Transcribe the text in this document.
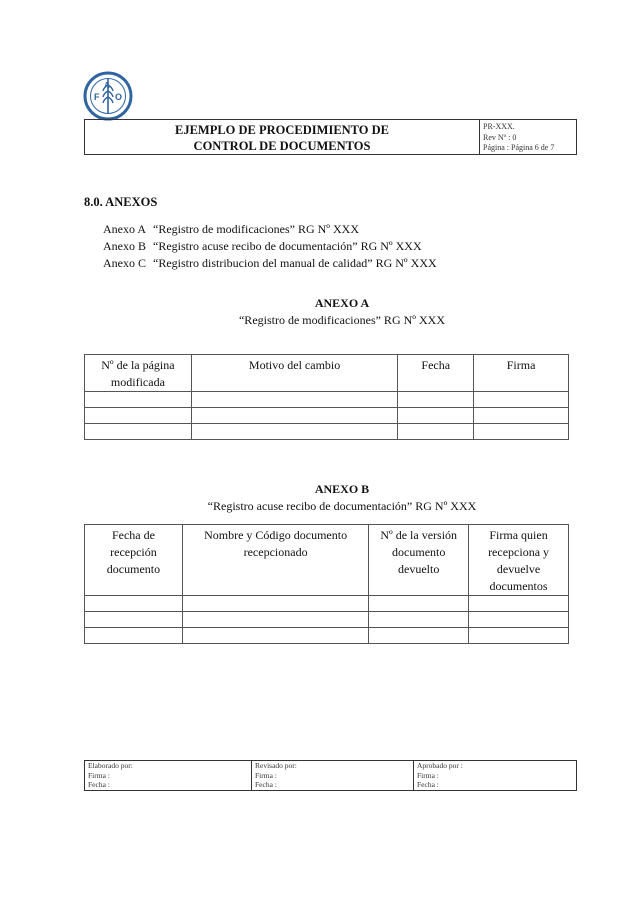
F O
A
EJEMPLO DE PROCEDIMIENTO DE
CONTROL DE DOCUMENTOS
PR-XXX.
Rev Nº : 0
Página : Página 6 de 7
8.0. ANEXOS
Anexo A “Registro de modificaciones” RG Nº XXX
Anexo B “Registro acuse recibo de documentación” RG Nº XXX
Anexo C “Registro distribucion del manual de calidad” RG Nº XXX
ANEXO A
“Registro de modificaciones” RG Nº XXX
Nº de la página modificada	Motivo del cambio	Fecha	Firma

ANEXO B
“Registro acuse recibo de documentación” RG Nº XXX
Fecha de recepción documento	Nombre y Código documento recepcionado	Nº de la versión documento devuelto	Firma quien recepciona y devuelve documentos

Elaborado por:
Firma :
Fecha :
Revisado por:
Firma :
Fecha :
Aprobado por :
Firma :
Fecha :
